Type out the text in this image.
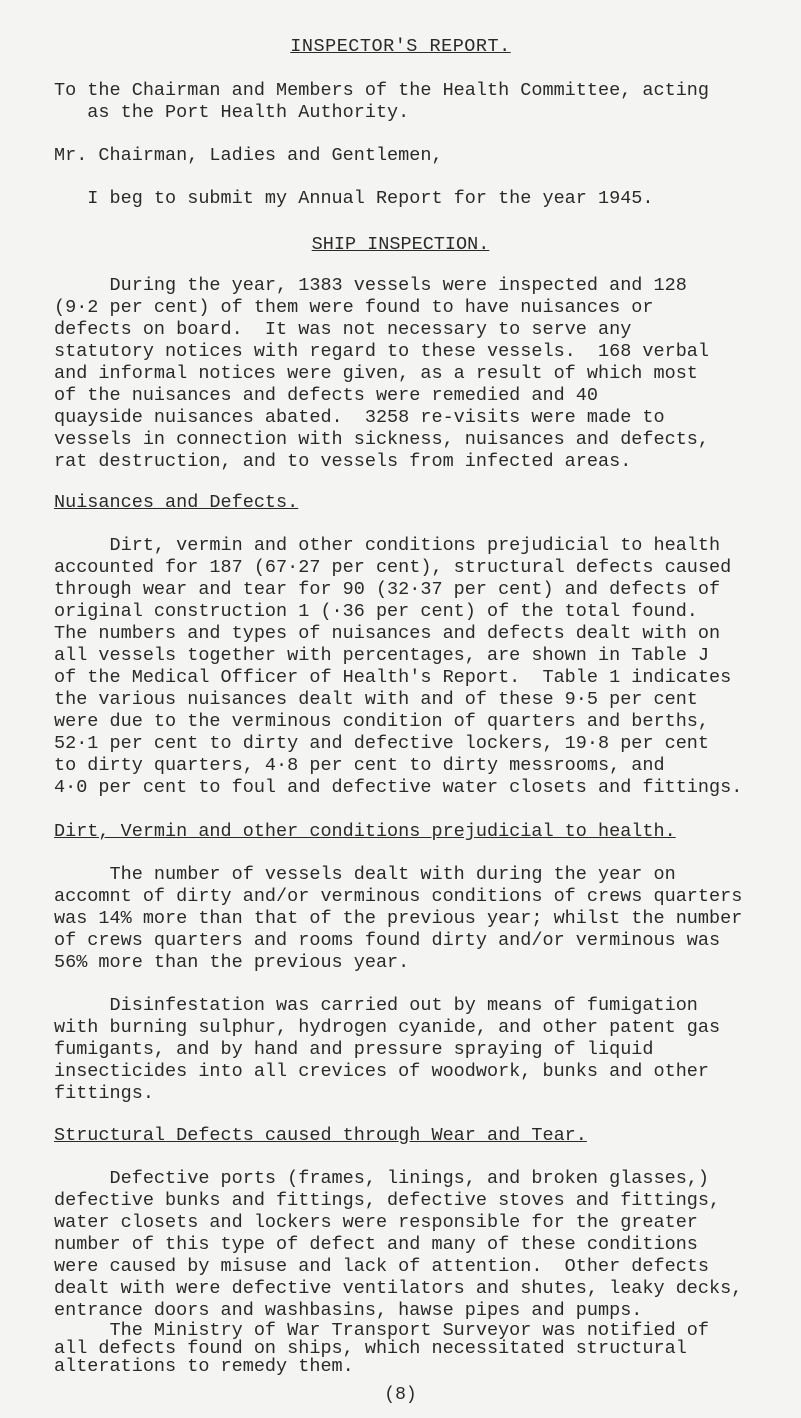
INSPECTOR'S REPORT.
To the Chairman and Members of the Health Committee, acting
as the Port Health Authority.
Mr. Chairman, Ladies and Gentlemen,
I beg to submit my Annual Report for the year 1945.
SHIP INSPECTION.
During the year, 1383 vessels were inspected and 128
(9·2 per cent) of them were found to have nuisances or
defects on board.  It was not necessary to serve any
statutory notices with regard to these vessels.  168 verbal
and informal notices were given, as a result of which most
of the nuisances and defects were remedied and 40
quayside nuisances abated.  3258 re-visits were made to
vessels in connection with sickness, nuisances and defects,
rat destruction, and to vessels from infected areas.
Nuisances and Defects.
Dirt, vermin and other conditions prejudicial to health
accounted for 187 (67·27 per cent), structural defects caused
through wear and tear for 90 (32·37 per cent) and defects of
original construction 1 (·36 per cent) of the total found.
The numbers and types of nuisances and defects dealt with on
all vessels together with percentages, are shown in Table J
of the Medical Officer of Health's Report.  Table 1 indicates
the various nuisances dealt with and of these 9·5 per cent
were due to the verminous condition of quarters and berths,
52·1 per cent to dirty and defective lockers, 19·8 per cent
to dirty quarters, 4·8 per cent to dirty messrooms, and
4·0 per cent to foul and defective water closets and fittings.
Dirt, Vermin and other conditions prejudicial to health.
The number of vessels dealt with during the year on
accomnt of dirty and/or verminous conditions of crews quarters
was 14% more than that of the previous year; whilst the number
of crews quarters and rooms found dirty and/or verminous was
56% more than the previous year.
Disinfestation was carried out by means of fumigation
with burning sulphur, hydrogen cyanide, and other patent gas
fumigants, and by hand and pressure spraying of liquid
insecticides into all crevices of woodwork, bunks and other
fittings.
Structural Defects caused through Wear and Tear.
Defective ports (frames, linings, and broken glasses,)
defective bunks and fittings, defective stoves and fittings,
water closets and lockers were responsible for the greater
number of this type of defect and many of these conditions
were caused by misuse and lack of attention.  Other defects
dealt with were defective ventilators and shutes, leaky decks,
entrance doors and washbasins, hawse pipes and pumps.
The Ministry of War Transport Surveyor was notified of
all defects found on ships, which necessitated structural
alterations to remedy them.
(8)
